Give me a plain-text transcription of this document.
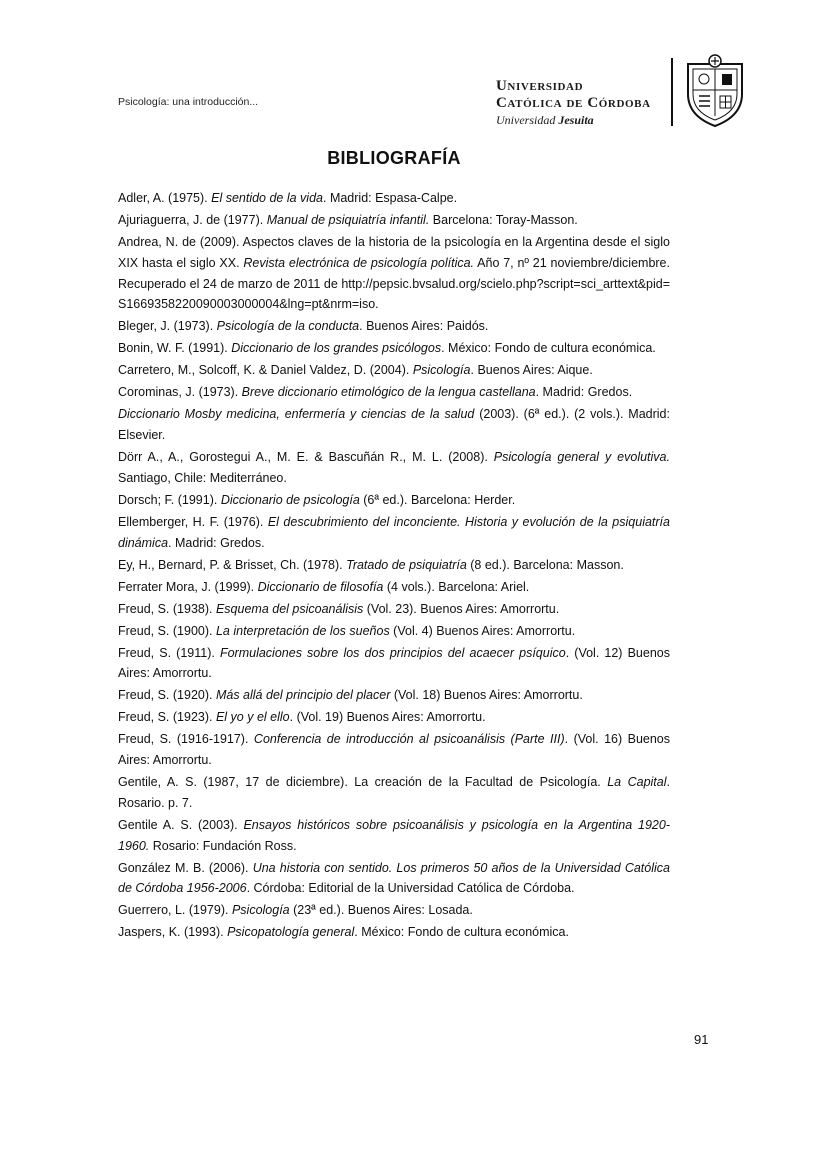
Psicología: una introducción...
Universidad
Católica de Córdoba
Universidad Jesuita
BIBLIOGRAFÍA
Adler, A. (1975). El sentido de la vida. Madrid: Espasa-Calpe.
Ajuriaguerra, J. de (1977). Manual de psiquiatría infantil. Barcelona: Toray-Masson.
Andrea, N. de (2009). Aspectos claves de la historia de la psicología en la Argentina desde el siglo XIX hasta el siglo XX. Revista electrónica de psicología política. Año 7, nº 21 noviembre/diciembre. Recuperado el 24 de marzo de 2011 de http://pepsic.bvsalud.org/scielo.php?script=sci_arttext&pid=S1669358220090003000004&lng=pt&nrm=iso.
Bleger, J. (1973). Psicología de la conducta. Buenos Aires: Paidós.
Bonin, W. F. (1991). Diccionario de los grandes psicólogos. México: Fondo de cultura económica.
Carretero, M., Solcoff, K. & Daniel Valdez, D. (2004). Psicología. Buenos Aires: Aique.
Corominas, J. (1973). Breve diccionario etimológico de la lengua castellana. Madrid: Gredos.
Diccionario Mosby medicina, enfermería y ciencias de la salud (2003). (6ª ed.). (2 vols.). Madrid: Elsevier.
Dörr A., A., Gorostegui A., M. E. & Bascuñán R., M. L. (2008). Psicología general y evolutiva. Santiago, Chile: Mediterráneo.
Dorsch; F. (1991). Diccionario de psicología (6ª ed.). Barcelona: Herder.
Ellemberger, H. F. (1976). El descubrimiento del inconciente. Historia y evolución de la psiquiatría dinámica. Madrid: Gredos.
Ey, H., Bernard, P. & Brisset, Ch. (1978). Tratado de psiquiatría (8 ed.). Barcelona: Masson.
Ferrater Mora, J. (1999). Diccionario de filosofía (4 vols.). Barcelona: Ariel.
Freud, S. (1938). Esquema del psicoanálisis (Vol. 23). Buenos Aires: Amorrortu.
Freud, S. (1900). La interpretación de los sueños (Vol. 4) Buenos Aires: Amorrortu.
Freud, S. (1911). Formulaciones sobre los dos principios del acaecer psíquico. (Vol. 12) Buenos Aires: Amorrortu.
Freud, S. (1920). Más allá del principio del placer (Vol. 18) Buenos Aires: Amorrortu.
Freud, S. (1923). El yo y el ello. (Vol. 19) Buenos Aires: Amorrortu.
Freud, S. (1916-1917). Conferencia de introducción al psicoanálisis (Parte III). (Vol. 16) Buenos Aires: Amorrortu.
Gentile, A. S. (1987, 17 de diciembre). La creación de la Facultad de Psicología. La Capital. Rosario. p. 7.
Gentile A. S. (2003). Ensayos históricos sobre psicoanálisis y psicología en la Argentina 1920-1960. Rosario: Fundación Ross.
González M. B. (2006). Una historia con sentido. Los primeros 50 años de la Universidad Católica de Córdoba 1956-2006. Córdoba: Editorial de la Universidad Católica de Córdoba.
Guerrero, L. (1979). Psicología (23ª ed.). Buenos Aires: Losada.
Jaspers, K. (1993). Psicopatología general. México: Fondo de cultura económica.
91
